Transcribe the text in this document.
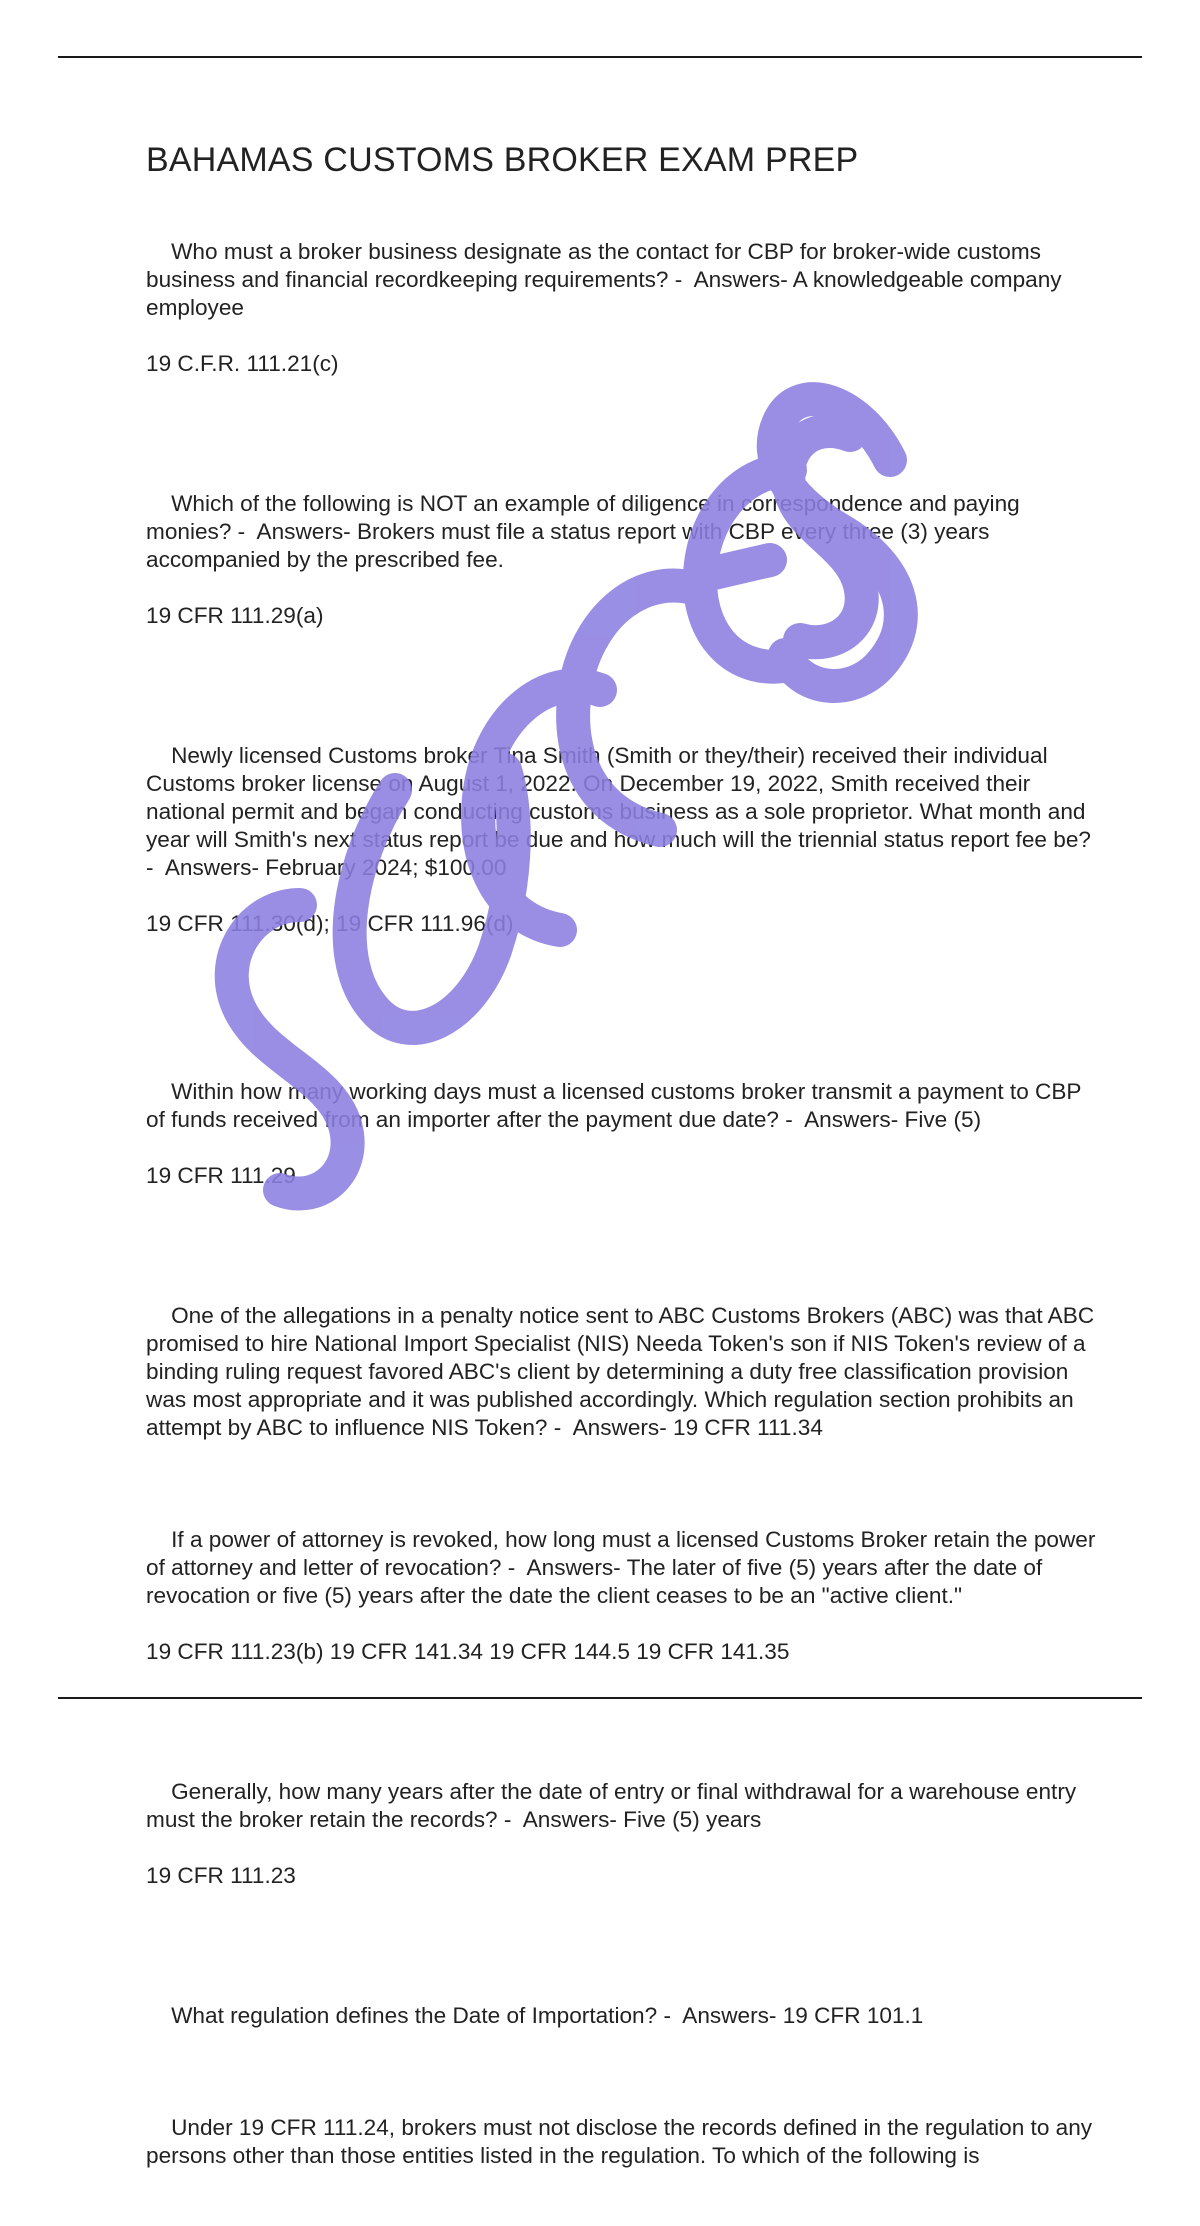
BAHAMAS CUSTOMS BROKER EXAM PREP

Who must a broker business designate as the contact for CBP for broker-wide customs business and financial recordkeeping requirements? -  Answers- A knowledgeable company employee

19 C.F.R. 111.21(c)

Which of the following is NOT an example of diligence in correspondence and paying monies? -  Answers- Brokers must file a status report with CBP every three (3) years accompanied by the prescribed fee.

19 CFR 111.29(a)

Newly licensed Customs broker Tina Smith (Smith or they/their) received their individual Customs broker license on August 1, 2022. On December 19, 2022, Smith received their national permit and began conducting customs business as a sole proprietor. What month and year will Smith's next status report be due and how much will the triennial status report fee be? -  Answers- February 2024; $100.00

19 CFR 111.30(d); 19 CFR 111.96(d)

Within how many working days must a licensed customs broker transmit a payment to CBP of funds received from an importer after the payment due date? -  Answers- Five (5)

19 CFR 111.29

One of the allegations in a penalty notice sent to ABC Customs Brokers (ABC) was that ABC promised to hire National Import Specialist (NIS) Needa Token's son if NIS Token's review of a binding ruling request favored ABC's client by determining a duty free classification provision was most appropriate and it was published accordingly. Which regulation section prohibits an attempt by ABC to influence NIS Token? -  Answers- 19 CFR 111.34

If a power of attorney is revoked, how long must a licensed Customs Broker retain the power of attorney and letter of revocation? -  Answers- The later of five (5) years after the date of revocation or five (5) years after the date the client ceases to be an "active client."

19 CFR 111.23(b) 19 CFR 141.34 19 CFR 144.5 19 CFR 141.35

Generally, how many years after the date of entry or final withdrawal for a warehouse entry must the broker retain the records? -  Answers- Five (5) years

19 CFR 111.23

What regulation defines the Date of Importation? -  Answers- 19 CFR 101.1

Under 19 CFR 111.24, brokers must not disclose the records defined in the regulation to any persons other than those entities listed in the regulation. To which of the following is
